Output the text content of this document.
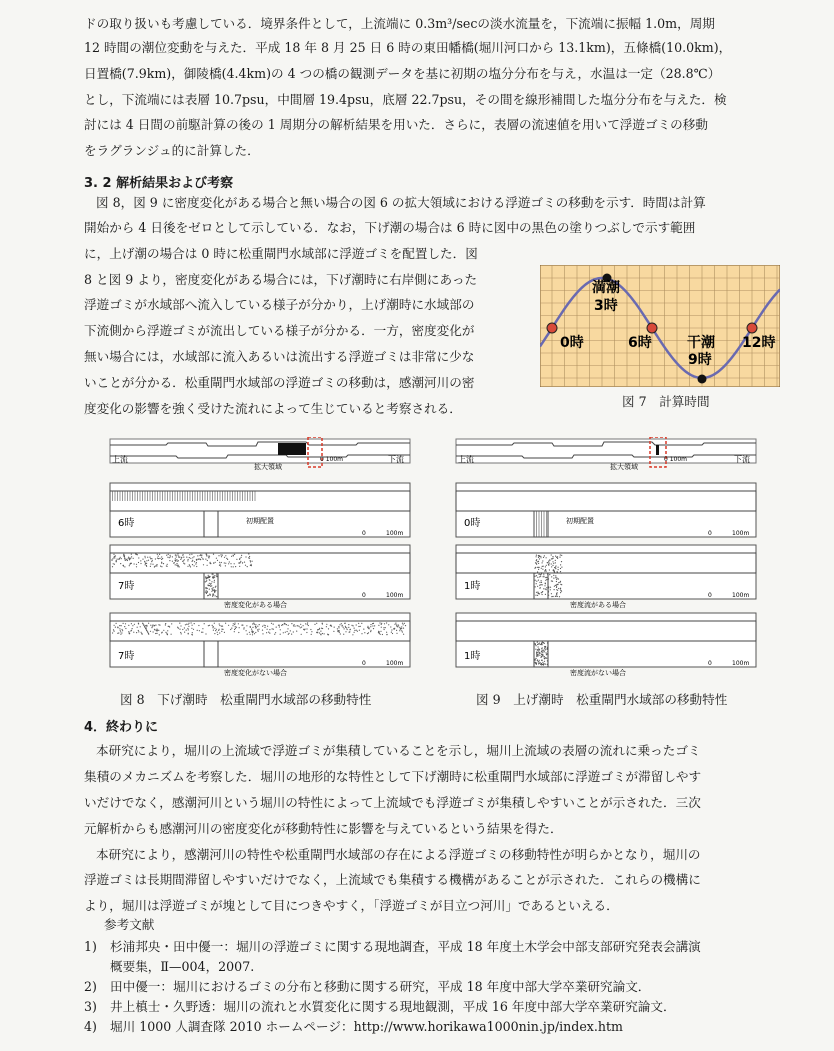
ドの取り扱いも考慮している．境界条件として，上流端に 0.3m³/secの淡水流量を，下流端に振幅 1.0m，周期
12 時間の潮位変動を与えた．平成 18 年 8 月 25 日 6 時の東田幡橋(堀川河口から 13.1km)，五條橋(10.0km)，
日置橋(7.9km)，御陵橋(4.4km)の 4 つの橋の観測データを基に初期の塩分分布を与え，水温は一定（28.8℃）
とし，下流端には表層 10.7psu，中間層 19.4psu，底層 22.7psu，その間を線形補間した塩分分布を与えた．検
討には 4 日間の前駆計算の後の 1 周期分の解析結果を用いた．さらに，表層の流速値を用いて浮遊ゴミの移動
をラグランジュ的に計算した．
3. 2 解析結果および考察
図 8，図 9 に密度変化がある場合と無い場合の図 6 の拡大領域における浮遊ゴミの移動を示す．時間は計算
開始から 4 日後をゼロとして示している．なお，下げ潮の場合は 6 時に図中の黒色の塗りつぶしで示す範囲
に，上げ潮の場合は 0 時に松重閘門水域部に浮遊ゴミを配置した．図
8 と図 9 より，密度変化がある場合には，下げ潮時に右岸側にあった
浮遊ゴミが水域部へ流入している様子が分かり，上げ潮時に水域部の
下流側から浮遊ゴミが流出している様子が分かる．一方，密度変化が
無い場合には，水域部に流入あるいは流出する浮遊ゴミは非常に少な
いことが分かる．松重閘門水域部の浮遊ゴミの移動は，感潮河川の密
度変化の影響を強く受けた流れによって生じていると考察される．
満潮
3時
0時	6時	干潮
9時
12時
図 7　計算時間
上流
拡大領域
0 100m	下流
6時	初期配置
0	100m
7時
密度変化がある場合
0	100m
7時
密度変化がない場合
0	100m
図 8　下げ潮時　松重閘門水域部の移動特性
上流
拡大領域
0 100m	下流
0時	初期配置
0	100m
1時
密度流がある場合
0	100m
1時
密度流がない場合
0	100m
図 9　上げ潮時　松重閘門水域部の移動特性
4．終わりに
本研究により，堀川の上流域で浮遊ゴミが集積していることを示し，堀川上流域の表層の流れに乗ったゴミ
集積のメカニズムを考察した．堀川の地形的な特性として下げ潮時に松重閘門水域部に浮遊ゴミが滞留しやす
いだけでなく，感潮河川という堀川の特性によって上流域でも浮遊ゴミが集積しやすいことが示された．三次
元解析からも感潮河川の密度変化が移動特性に影響を与えているという結果を得た．
本研究により，感潮河川の特性や松重閘門水域部の存在による浮遊ゴミの移動特性が明らかとなり，堀川の
浮遊ゴミは長期間滞留しやすいだけでなく，上流域でも集積する機構があることが示された．これらの機構に
より，堀川は浮遊ゴミが塊として目につきやすく，「浮遊ゴミが目立つ河川」であるといえる．
参考文献
1) 杉浦邦央・田中優一：堀川の浮遊ゴミに関する現地調査，平成 18 年度土木学会中部支部研究発表会講演
概要集，Ⅱ—004，2007.
2) 田中優一：堀川におけるゴミの分布と移動に関する研究，平成 18 年度中部大学卒業研究論文．
3) 井上槙士・久野透：堀川の流れと水質変化に関する現地観測，平成 16 年度中部大学卒業研究論文．
4) 堀川 1000 人調査隊 2010 ホームページ：http://www.horikawa1000nin.jp/index.htm
